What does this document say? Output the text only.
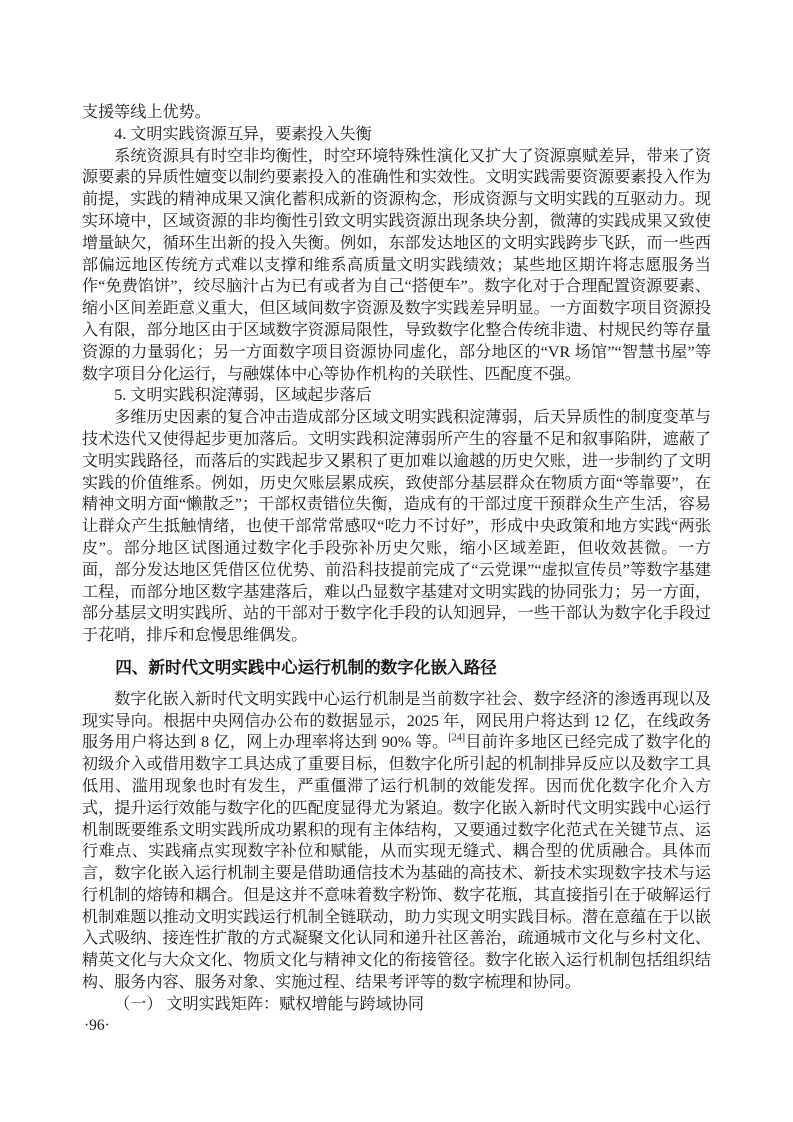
支援等线上优势。

4. 文明实践资源互异，要素投入失衡

系统资源具有时空非均衡性，时空环境特殊性演化又扩大了资源禀赋差异，带来了资源要素的异质性嬗变以制约要素投入的准确性和实效性。文明实践需要资源要素投入作为前提，实践的精神成果又演化蓄积成新的资源构念，形成资源与文明实践的互驱动力。现实环境中，区域资源的非均衡性引致文明实践资源出现条块分割，微薄的实践成果又致使增量缺欠，循环生出新的投入失衡。例如，东部发达地区的文明实践跨步飞跃，而一些西部偏远地区传统方式难以支撑和维系高质量文明实践绩效；某些地区期许将志愿服务当作“免费馅饼”，绞尽脑汁占为已有或者为自己“搭便车”。数字化对于合理配置资源要素、缩小区间差距意义重大，但区域间数字资源及数字实践差异明显。一方面数字项目资源投入有限，部分地区由于区域数字资源局限性，导致数字化整合传统非遗、村规民约等存量资源的力量弱化；另一方面数字项目资源协同虚化，部分地区的“VR 场馆”“智慧书屋”等数字项目分化运行，与融媒体中心等协作机构的关联性、匹配度不强。

5. 文明实践积淀薄弱，区域起步落后

多维历史因素的复合冲击造成部分区域文明实践积淀薄弱，后天异质性的制度变革与技术迭代又使得起步更加落后。文明实践积淀薄弱所产生的容量不足和叙事陷阱，遮蔽了文明实践路径，而落后的实践起步又累积了更加难以逾越的历史欠账，进一步制约了文明实践的价值维系。例如，历史欠账层累成疾，致使部分基层群众在物质方面“等靠要”，在精神文明方面“懒散乏”；干部权责错位失衡，造成有的干部过度干预群众生产生活，容易让群众产生抵触情绪，也使干部常常感叹“吃力不讨好”，形成中央政策和地方实践“两张皮”。部分地区试图通过数字化手段弥补历史欠账，缩小区域差距，但收效甚微。一方面，部分发达地区凭借区位优势、前沿科技提前完成了“云党课”“虚拟宣传员”等数字基建工程，而部分地区数字基建落后，难以凸显数字基建对文明实践的协同张力；另一方面，部分基层文明实践所、站的干部对于数字化手段的认知迥异，一些干部认为数字化手段过于花哨，排斥和怠慢思维偶发。

四、新时代文明实践中心运行机制的数字化嵌入路径

数字化嵌入新时代文明实践中心运行机制是当前数字社会、数字经济的渗透再现以及现实导向。根据中央网信办公布的数据显示，2025 年，网民用户将达到 12 亿，在线政务服务用户将达到 8 亿，网上办理率将达到 90% 等。[24]目前许多地区已经完成了数字化的初级介入或借用数字工具达成了重要目标，但数字化所引起的机制排异反应以及数字工具低用、滥用现象也时有发生，严重僵滞了运行机制的效能发挥。因而优化数字化介入方式，提升运行效能与数字化的匹配度显得尤为紧迫。数字化嵌入新时代文明实践中心运行机制既要维系文明实践所成功累积的现有主体结构，又要通过数字化范式在关键节点、运行难点、实践痛点实现数字补位和赋能，从而实现无缝式、耦合型的优质融合。具体而言，数字化嵌入运行机制主要是借助通信技术为基础的高技术、新技术实现数字技术与运行机制的熔铸和耦合。但是这并不意味着数字粉饰、数字花瓶，其直接指引在于破解运行机制难题以推动文明实践运行机制全链联动，助力实现文明实践目标。潜在意蕴在于以嵌入式吸纳、接连性扩散的方式凝聚文化认同和递升社区善治，疏通城市文化与乡村文化、精英文化与大众文化、物质文化与精神文化的衔接管径。数字化嵌入运行机制包括组织结构、服务内容、服务对象、实施过程、结果考评等的数字梳理和协同。

（一） 文明实践矩阵：赋权增能与跨域协同

·96·
